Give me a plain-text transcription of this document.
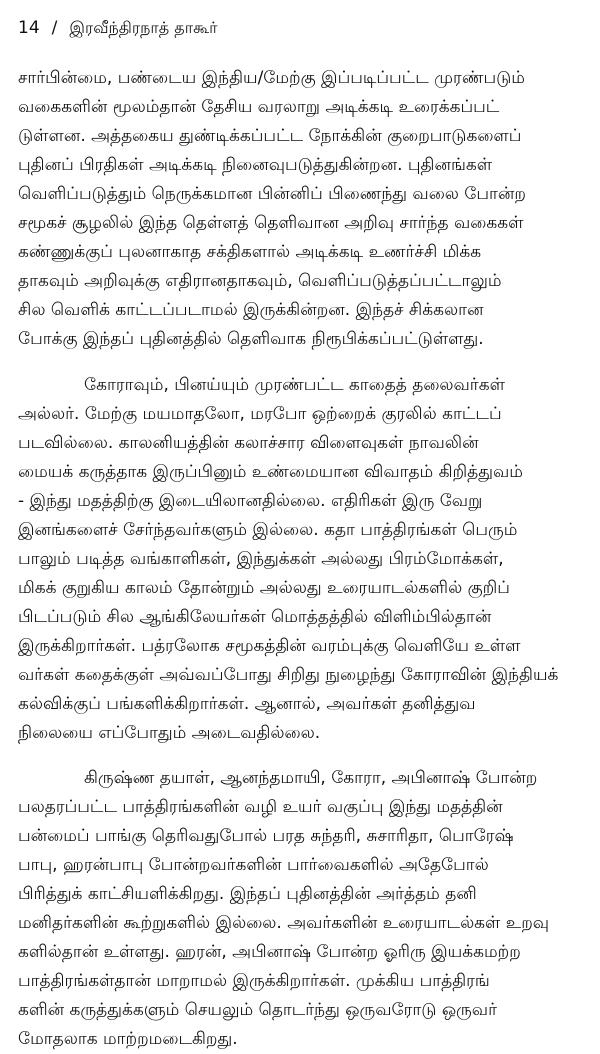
14 / இரவீந்திரநாத் தாகூர்

சார்பின்மை, பண்டைய இந்திய/மேற்கு இப்படிப்பட்ட முரண்படும்
வகைகளின் மூலம்தான் தேசிய வரலாறு அடிக்கடி உரைக்கப்பட்
டுள்ளன. அத்தகைய துண்டிக்கப்பட்ட நோக்கின் குறைபாடுகளைப்
புதினப் பிரதிகள் அடிக்கடி நினைவுபடுத்துகின்றன. புதினங்கள்
வெளிப்படுத்தும் நெருக்கமான பின்னிப் பிணைந்து வலை போன்ற
சமூகச் சூழலில் இந்த தெள்ளத் தெளிவான அறிவு சார்ந்த வகைகள்
கண்ணுக்குப் புலனாகாத சக்திகளால் அடிக்கடி உணர்ச்சி மிக்க
தாகவும் அறிவுக்கு எதிரானதாகவும், வெளிப்படுத்தப்பட்டாலும்
சில வெளிக் காட்டப்படாமல் இருக்கின்றன. இந்தச் சிக்கலான
போக்கு இந்தப் புதினத்தில் தெளிவாக நிரூபிக்கப்பட்டுள்ளது.

கோராவும், பினய்யும் முரண்பட்ட காதைத் தலைவர்கள்
அல்லர். மேற்கு மயமாதலோ, மரபோ ஒற்றைக் குரலில் காட்டப்
படவில்லை. காலனியத்தின் கலாச்சார விளைவுகள் நாவலின்
மையக் கருத்தாக இருப்பினும் உண்மையான விவாதம் கிறித்துவம்
- இந்து மதத்திற்கு இடையிலானதில்லை. எதிரிகள் இரு வேறு
இனங்களைச் சேர்ந்தவர்களும் இல்லை. கதா பாத்திரங்கள் பெரும்
பாலும் படித்த வங்காளிகள், இந்துக்கள் அல்லது பிரம்மோக்கள்,
மிகக் குறுகிய காலம் தோன்றும் அல்லது உரையாடல்களில் குறிப்
பிடப்படும் சில ஆங்கிலேயர்கள் மொத்தத்தில் விளிம்பில்தான்
இருக்கிறார்கள். பத்ரலோக சமூகத்தின் வரம்புக்கு வெளியே உள்ள
வர்கள் கதைக்குள் அவ்வப்போது சிறிது நுழைந்து கோராவின் இந்தியக்
கல்விக்குப் பங்களிக்கிறார்கள். ஆனால், அவர்கள் தனித்துவ
நிலையை எப்போதும் அடைவதில்லை.

கிருஷ்ண தயாள், ஆனந்தமாயி, கோரா, அபினாஷ் போன்ற
பலதரப்பட்ட பாத்திரங்களின் வழி உயர் வகுப்பு இந்து மதத்தின்
பன்மைப் பாங்கு தெரிவதுபோல் பரத சுந்தரி, சுசாரிதா, பொரேஷ்
பாபு, ஹரன்பாபு போன்றவர்களின் பார்வைகளில் அதேபோல்
பிரித்துக் காட்சியளிக்கிறது. இந்தப் புதினத்தின் அர்த்தம் தனி
மனிதர்களின் கூற்றுகளில் இல்லை. அவர்களின் உரையாடல்கள் உறவு
களில்தான் உள்ளது. ஹரன், அபினாஷ் போன்ற ஓரிரு இயக்கமற்ற
பாத்திரங்கள்தான் மாறாமல் இருக்கிறார்கள். முக்கிய பாத்திரங்
களின் கருத்துக்களும் செயலும் தொடர்ந்து ஒருவரோடு ஒருவர்
மோதலாக மாற்றமடைகிறது.
